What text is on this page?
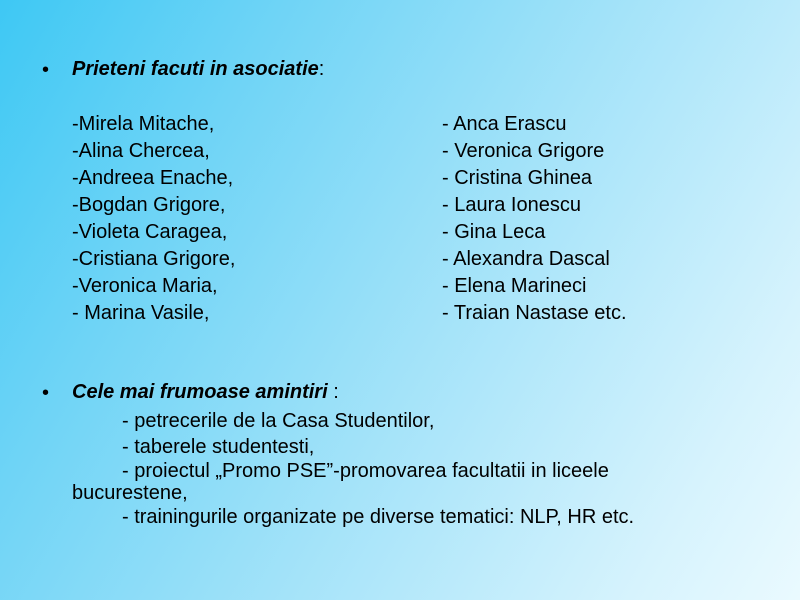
• Prieteni facuti in asociatie:
-Mirela Mitache,
-Alina Chercea,
-Andreea Enache,
-Bogdan Grigore,
-Violeta Caragea,
-Cristiana Grigore,
-Veronica Maria,
- Marina Vasile,
- Anca Erascu
- Veronica Grigore
- Cristina Ghinea
- Laura Ionescu
- Gina Leca
- Alexandra Dascal
- Elena Marineci
- Traian Nastase etc.
• Cele mai frumoase amintiri :
- petrecerile de la Casa Studentilor,
- taberele studentesti,
- proiectul „Promo PSE”-promovarea facultatii in liceele bucurestene,
- trainingurile organizate pe diverse tematici: NLP, HR etc.
